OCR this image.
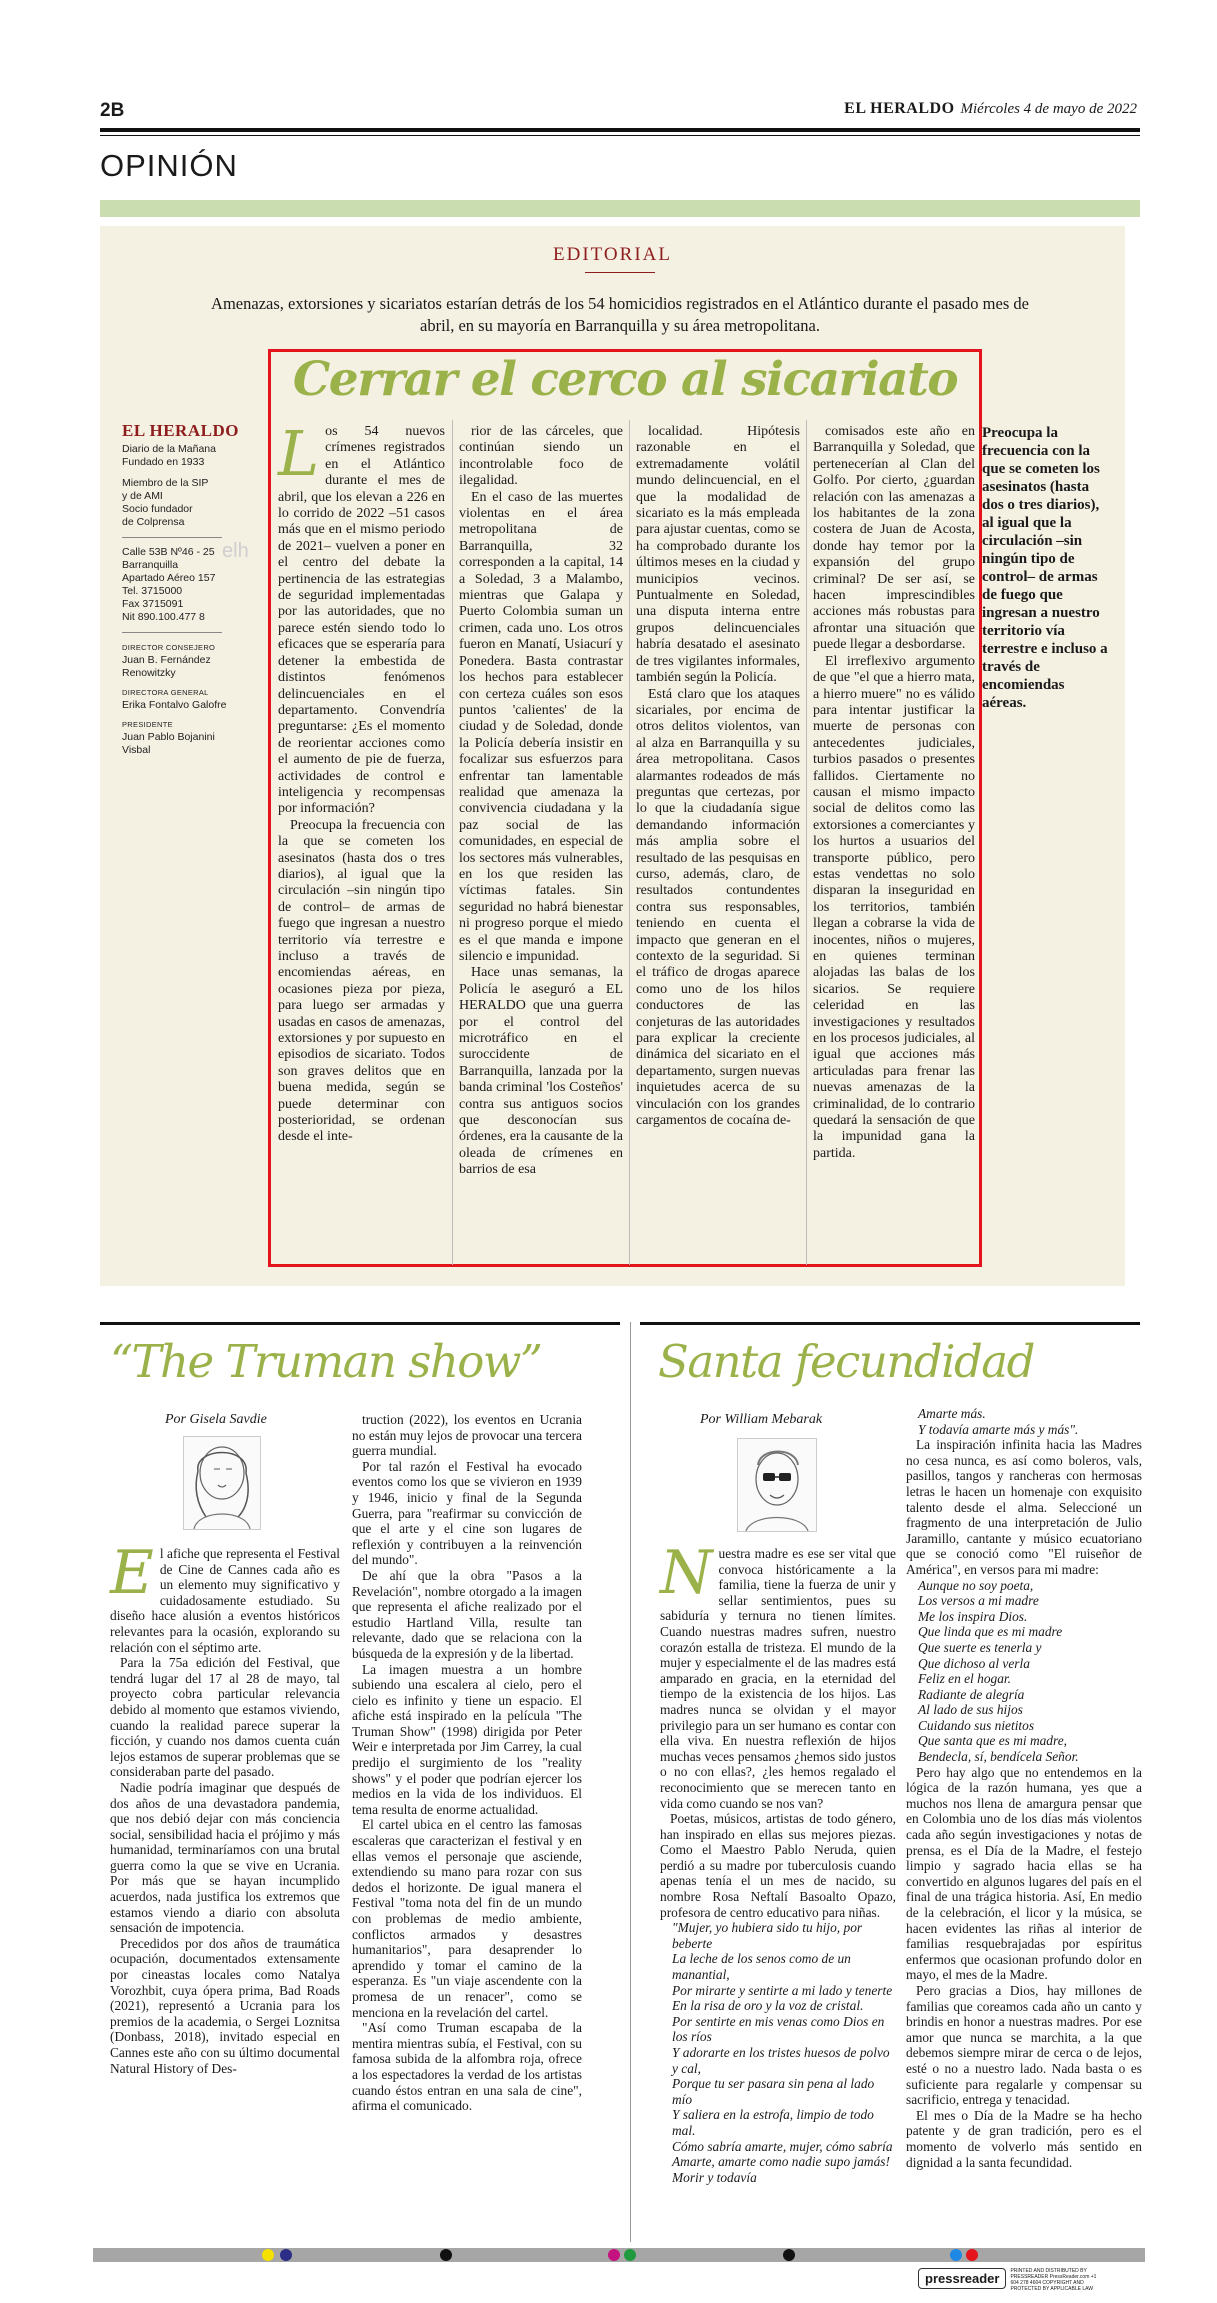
2B	EL HERALDO Miércoles 4 de mayo de 2022
OPINIÓN
EDITORIAL
Amenazas, extorsiones y sicariatos estarían detrás de los 54 homicidios registrados en el Atlántico durante el pasado mes de abril, en su mayoría en Barranquilla y su área metropolitana.
Cerrar el cerco al sicariato
EL HERALDO
Diario de la Mañana
Fundado en 1933
Miembro de la SIP
y de AMI
Socio fundador
de Colprensa
Calle 53B Nº46 - 25
Barranquilla
Apartado Aéreo 157
Tel. 3715000
Fax 3715091
Nit 890.100.477 8
DIRECTOR CONSEJERO
Juan B. Fernández
Renowitzky
DIRECTORA GENERAL
Erika Fontalvo Galofre
PRESIDENTE
Juan Pablo Bojanini
Visbal
elh
L os 54 nuevos crímenes registrados en el Atlántico durante el mes de abril, que los elevan a 226 en lo corrido de 2022 –51 casos más que en el mismo periodo de 2021– vuelven a poner en el centro del debate la pertinencia de las estrategias de seguridad implementadas por las autoridades, que no parece estén siendo todo lo eficaces que se esperaría para detener la embestida de distintos fenómenos delincuenciales en el departamento. Convendría preguntarse: ¿Es el momento de reorientar acciones como el aumento de pie de fuerza, actividades de control e inteligencia y recompensas por información?

Preocupa la frecuencia con la que se cometen los asesinatos (hasta dos o tres diarios), al igual que la circulación –sin ningún tipo de control– de armas de fuego que ingresan a nuestro territorio vía terrestre e incluso a través de encomiendas aéreas, en ocasiones pieza por pieza, para luego ser armadas y usadas en casos de amenazas, extorsiones y por supuesto en episodios de sicariato. Todos son graves delitos que en buena medida, según se puede determinar con posterioridad, se ordenan desde el inte-

rior de las cárceles, que continúan siendo un incontrolable foco de ilegalidad.

En el caso de las muertes violentas en el área metropolitana de Barranquilla, 32 corresponden a la capital, 14 a Soledad, 3 a Malambo, mientras que Galapa y Puerto Colombia suman un crimen, cada uno. Los otros fueron en Manatí, Usiacurí y Ponedera. Basta contrastar los hechos para establecer con certeza cuáles son esos puntos 'calientes' de la ciudad y de Soledad, donde la Policía debería insistir en focalizar sus esfuerzos para enfrentar tan lamentable realidad que amenaza la convivencia ciudadana y la paz social de las comunidades, en especial de los sectores más vulnerables, en los que residen las víctimas fatales. Sin seguridad no habrá bienestar ni progreso porque el miedo es el que manda e impone silencio e impunidad.

Hace unas semanas, la Policía le aseguró a EL HERALDO que una guerra por el control del microtráfico en el suroccidente de Barranquilla, lanzada por la banda criminal 'los Costeños' contra sus antiguos socios que desconocían sus órdenes, era la causante de la oleada de crímenes en barrios de esa

localidad. Hipótesis razonable en el extremadamente volátil mundo delincuencial, en el que la modalidad de sicariato es la más empleada para ajustar cuentas, como se ha comprobado durante los últimos meses en la ciudad y municipios vecinos. Puntualmente en Soledad, una disputa interna entre grupos delincuenciales habría desatado el asesinato de tres vigilantes informales, también según la Policía.

Está claro que los ataques sicariales, por encima de otros delitos violentos, van al alza en Barranquilla y su área metropolitana. Casos alarmantes rodeados de más preguntas que certezas, por lo que la ciudadanía sigue demandando información más amplia sobre el resultado de las pesquisas en curso, además, claro, de resultados contundentes contra sus responsables, teniendo en cuenta el impacto que generan en el contexto de la seguridad. Si el tráfico de drogas aparece como uno de los hilos conductores de las conjeturas de las autoridades para explicar la creciente dinámica del sicariato en el departamento, surgen nuevas inquietudes acerca de su vinculación con los grandes cargamentos de cocaína de-

comisados este año en Barranquilla y Soledad, que pertenecerían al Clan del Golfo. Por cierto, ¿guardan relación con las amenazas a los habitantes de la zona costera de Juan de Acosta, donde hay temor por la expansión del grupo criminal? De ser así, se hacen imprescindibles acciones más robustas para afrontar una situación que puede llegar a desbordarse.

El irreflexivo argumento de que "el que a hierro mata, a hierro muere" no es válido para intentar justificar la muerte de personas con antecedentes judiciales, turbios pasados o presentes fallidos. Ciertamente no causan el mismo impacto social de delitos como las extorsiones a comerciantes y los hurtos a usuarios del transporte público, pero estas vendettas no solo disparan la inseguridad en los territorios, también llegan a cobrarse la vida de inocentes, niños o mujeres, en quienes terminan alojadas las balas de los sicarios. Se requiere celeridad en las investigaciones y resultados en los procesos judiciales, al igual que acciones más articuladas para frenar las nuevas amenazas de la criminalidad, de lo contrario quedará la sensación de que la impunidad gana la partida.

Preocupa la frecuencia con la que se cometen los asesinatos (hasta dos o tres diarios), al igual que la circulación –sin ningún tipo de control– de armas de fuego que ingresan a nuestro territorio vía terrestre e incluso a través de encomiendas aéreas.
“The Truman show”
Por Gisela Savdie
E l afiche que representa el Festival de Cine de Cannes cada año es un elemento muy significativo y cuidadosamente estudiado. Su diseño hace alusión a eventos históricos relevantes para la ocasión, explorando su relación con el séptimo arte.

Para la 75a edición del Festival, que tendrá lugar del 17 al 28 de mayo, tal proyecto cobra particular relevancia debido al momento que estamos viviendo, cuando la realidad parece superar la ficción, y cuando nos damos cuenta cuán lejos estamos de superar problemas que se consideraban parte del pasado.

Nadie podría imaginar que después de dos años de una devastadora pandemia, que nos debió dejar con más conciencia social, sensibilidad hacia el prójimo y más humanidad, terminaríamos con una brutal guerra como la que se vive en Ucrania. Por más que se hayan incumplido acuerdos, nada justifica los extremos que estamos viendo a diario con absoluta sensación de impotencia.

Precedidos por dos años de traumática ocupación, documentados extensamente por cineastas locales como Natalya Vorozhbit, cuya ópera prima, Bad Roads (2021), representó a Ucrania para los premios de la academia, o Sergei Loznitsa (Donbass, 2018), invitado especial en Cannes este año con su último documental Natural History of Des-

truction (2022), los eventos en Ucrania no están muy lejos de provocar una tercera guerra mundial.

Por tal razón el Festival ha evocado eventos como los que se vivieron en 1939 y 1946, inicio y final de la Segunda Guerra, para "reafirmar su convicción de que el arte y el cine son lugares de reflexión y contribuyen a la reinvención del mundo".

De ahí que la obra "Pasos a la Revelación", nombre otorgado a la imagen que representa el afiche realizado por el estudio Hartland Villa, resulte tan relevante, dado que se relaciona con la búsqueda de la expresión y de la libertad.

La imagen muestra a un hombre subiendo una escalera al cielo, pero el cielo es infinito y tiene un espacio. El afiche está inspirado en la película "The Truman Show" (1998) dirigida por Peter Weir e interpretada por Jim Carrey, la cual predijo el surgimiento de los "reality shows" y el poder que podrían ejercer los medios en la vida de los individuos. El tema resulta de enorme actualidad.

El cartel ubica en el centro las famosas escaleras que caracterizan el festival y en ellas vemos el personaje que asciende, extendiendo su mano para rozar con sus dedos el horizonte. De igual manera el Festival "toma nota del fin de un mundo con problemas de medio ambiente, conflictos armados y desastres humanitarios", para desaprender lo aprendido y tomar el camino de la esperanza. Es "un viaje ascendente con la promesa de un renacer", como se menciona en la revelación del cartel.

"Así como Truman escapaba de la mentira mientras subía, el Festival, con su famosa subida de la alfombra roja, ofrece a los espectadores la verdad de los artistas cuando éstos entran en una sala de cine", afirma el comunicado.

Santa fecundidad
Por William Mebarak
N uestra madre es ese ser vital que convoca históricamente a la familia, tiene la fuerza de unir y sellar sentimientos, pues su sabiduría y ternura no tienen límites. Cuando nuestras madres sufren, nuestro corazón estalla de tristeza. El mundo de la mujer y especialmente el de las madres está amparado en gracia, en la eternidad del tiempo de la existencia de los hijos. Las madres nunca se olvidan y el mayor privilegio para un ser humano es contar con ella viva. En nuestra reflexión de hijos muchas veces pensamos ¿hemos sido justos o no con ellas?, ¿les hemos regalado el reconocimiento que se merecen tanto en vida como cuando se nos van?

Poetas, músicos, artistas de todo género, han inspirado en ellas sus mejores piezas. Como el Maestro Pablo Neruda, quien perdió a su madre por tuberculosis cuando apenas tenía el un mes de nacido, su nombre Rosa Neftalí Basoalto Opazo, profesora de centro educativo para niñas.

"Mujer, yo hubiera sido tu hijo, por beberte

La leche de los senos como de un manantial,

Por mirarte y sentirte a mi lado y tenerte

En la risa de oro y la voz de cristal.

Por sentirte en mis venas como Dios en los ríos

Y adorarte en los tristes huesos de polvo y cal,

Porque tu ser pasara sin pena al lado mío

Y saliera en la estrofa, limpio de todo mal.

Cómo sabría amarte, mujer, cómo sabría

Amarte, amarte como nadie supo jamás!

Morir y todavía

Amarte más.

Y todavía amarte más y más".

La inspiración infinita hacia las Madres no cesa nunca, es así como boleros, vals, pasillos, tangos y rancheras con hermosas letras le hacen un homenaje con exquisito talento desde el alma. Seleccioné un fragmento de una interpretación de Julio Jaramillo, cantante y músico ecuatoriano que se conoció como "El ruiseñor de América", en versos para mi madre:

Aunque no soy poeta,

Los versos a mi madre

Me los inspira Dios.

Que linda que es mi madre

Que suerte es tenerla y

Que dichoso al verla

Feliz en el hogar.

Radiante de alegría

Al lado de sus hijos

Cuidando sus nietitos

Que santa que es mi madre,

Bendecla, sí, bendícela Señor.

Pero hay algo que no entendemos en la lógica de la razón humana, yes que a muchos nos llena de amargura pensar que en Colombia uno de los días más violentos cada año según investigaciones y notas de prensa, es el Día de la Madre, el festejo limpio y sagrado hacia ellas se ha convertido en algunos lugares del país en el final de una trágica historia. Así, En medio de la celebración, el licor y la música, se hacen evidentes las riñas al interior de familias resquebrajadas por espíritus enfermos que ocasionan profundo dolor en mayo, el mes de la Madre.

Pero gracias a Dios, hay millones de familias que coreamos cada año un canto y brindis en honor a nuestras madres. Por ese amor que nunca se marchita, a la que debemos siempre mirar de cerca o de lejos, esté o no a nuestro lado. Nada basta o es suficiente para regalarle y compensar su sacrificio, entrega y tenacidad.

El mes o Día de la Madre se ha hecho patente y de gran tradición, pero es el momento de volverlo más sentido en dignidad a la santa fecundidad.

pressreader PRINTED AND DISTRIBUTED BY PRESSREADER PressReader.com +1 604 278 4604 COPYRIGHT AND PROTECTED BY APPLICABLE LAW
